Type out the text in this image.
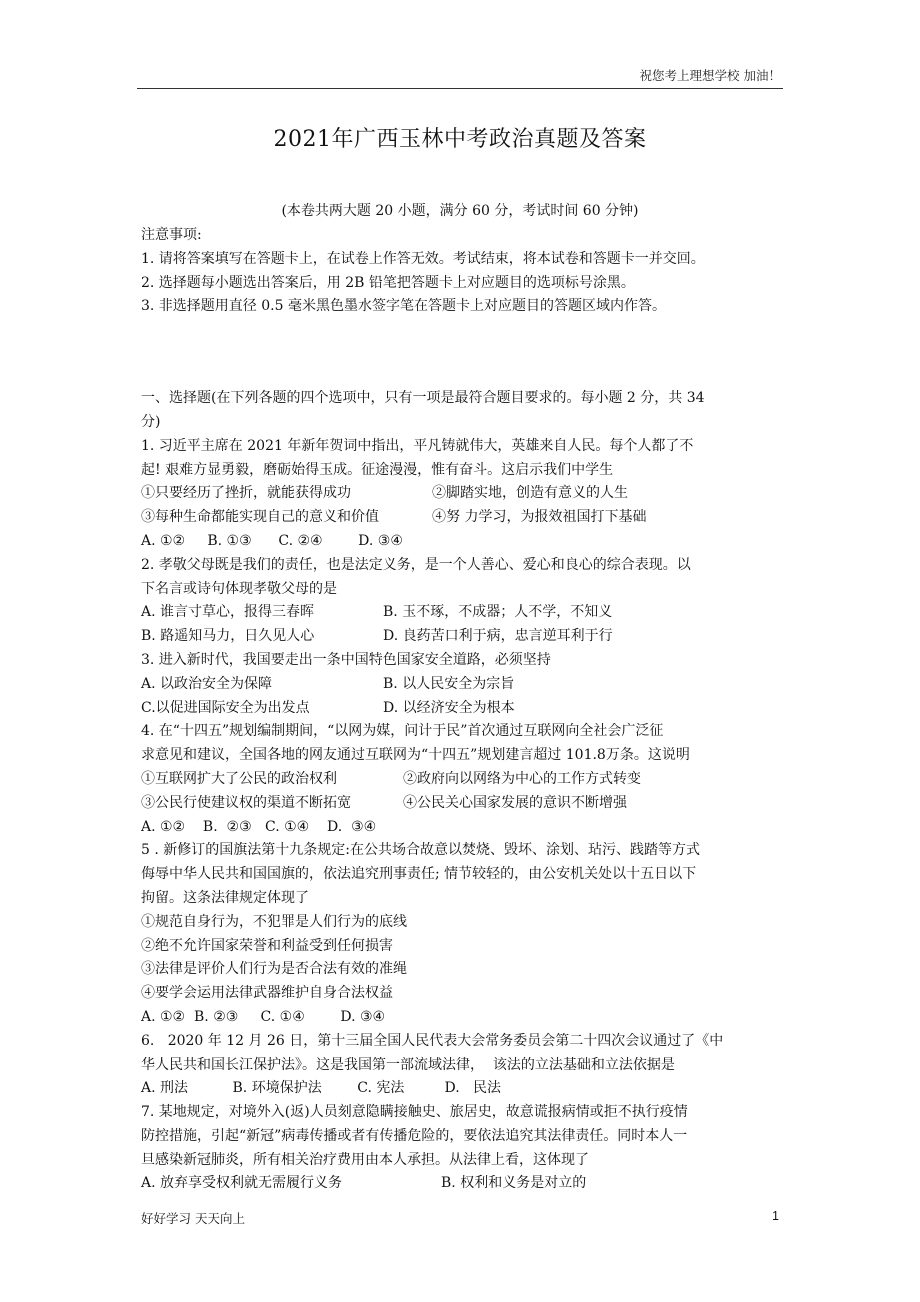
祝您考上理想学校 加油！
2021年广西玉林中考政治真题及答案
(本卷共两大题 20 小题，满分 60 分，考试时间 60 分钟)
注意事项:
1. 请将答案填写在答题卡上，在试卷上作答无效。考试结束，将本试卷和答题卡一并交回。
2. 选择题每小题选出答案后，用 2B 铅笔把答题卡上对应题目的选项标号涂黑。
3. 非选择题用直径 0.5 毫米黑色墨水签字笔在答题卡上对应题目的答题区域内作答。
一、选择题(在下列各题的四个选项中，只有一项是最符合题目要求的。每小题 2 分，共 34
分)
1. 习近平主席在 2021 年新年贺词中指出，平凡铸就伟大，英雄来自人民。每个人都了不
起! 艰难方显勇毅，磨砺始得玉成。征途漫漫，惟有奋斗。这启示我们中学生
①只要经历了挫折，就能获得成功	②脚踏实地，创造有意义的人生
③每种生命都能实现自己的意义和价值	④努 力学习，为报效祖国打下基础
A. ①②     B. ①③      C. ②④        D. ③④
2. 孝敬父母既是我们的责任，也是法定义务，是一个人善心、爱心和良心的综合表现。以
下名言或诗句体现孝敬父母的是
A. 谁言寸草心，报得三春晖	B. 玉不琢，不成器；人不学，不知义
B. 路遥知马力，日久见人心	D. 良药苦口利于病，忠言逆耳利于行
3. 进入新时代，我国要走出一条中国特色国家安全道路，必须坚持
A. 以政治安全为保障	B. 以人民安全为宗旨
C.以促进国际安全为出发点	D. 以经济安全为根本
4. 在“十四五”规划编制期间，“以网为媒，问计于民”首次通过互联网向全社会广泛征
求意见和建议，全国各地的网友通过互联网为“十四五”规划建言超过 101.8万条。这说明
①互联网扩大了公民的政治权利	②政府向以网络为中心的工作方式转变
③公民行使建议权的渠道不断拓宽	④公民关心国家发展的意识不断增强
A. ①②    B.  ②③   C. ①④    D.  ③④
5 . 新修订的国旗法第十九条规定:在公共场合故意以焚烧、毁坏、涂划、玷污、践踏等方式
侮辱中华人民共和国国旗的，依法追究刑事责任; 情节较轻的，由公安机关处以十五日以下
拘留。这条法律规定体现了
①规范自身行为，不犯罪是人们行为的底线
②绝不允许国家荣誉和利益受到任何损害
③法律是评价人们行为是否合法有效的准绳
④要学会运用法律武器维护自身合法权益
A. ①②  B. ②③     C. ①④        D. ③④
6.   2020 年 12 月 26 日，第十三届全国人民代表大会常务委员会第二十四次会议通过了《中
华人民共和国长江保护法》。这是我国第一部流域法律，  该法的立法基础和立法依据是
A. 刑法          B. 环境保护法        C. 宪法         D.   民法
7. 某地规定，对境外入(返)人员刻意隐瞒接触史、旅居史，故意谎报病情或拒不执行疫情
防控措施，引起“新冠”病毒传播或者有传播危险的，要依法追究其法律责任。同时本人一
旦感染新冠肺炎，所有相关治疗费用由本人承担。从法律上看，这体现了
A. 放弃享受权利就无需履行义务	B. 权利和义务是对立的
好好学习 天天向上	1
